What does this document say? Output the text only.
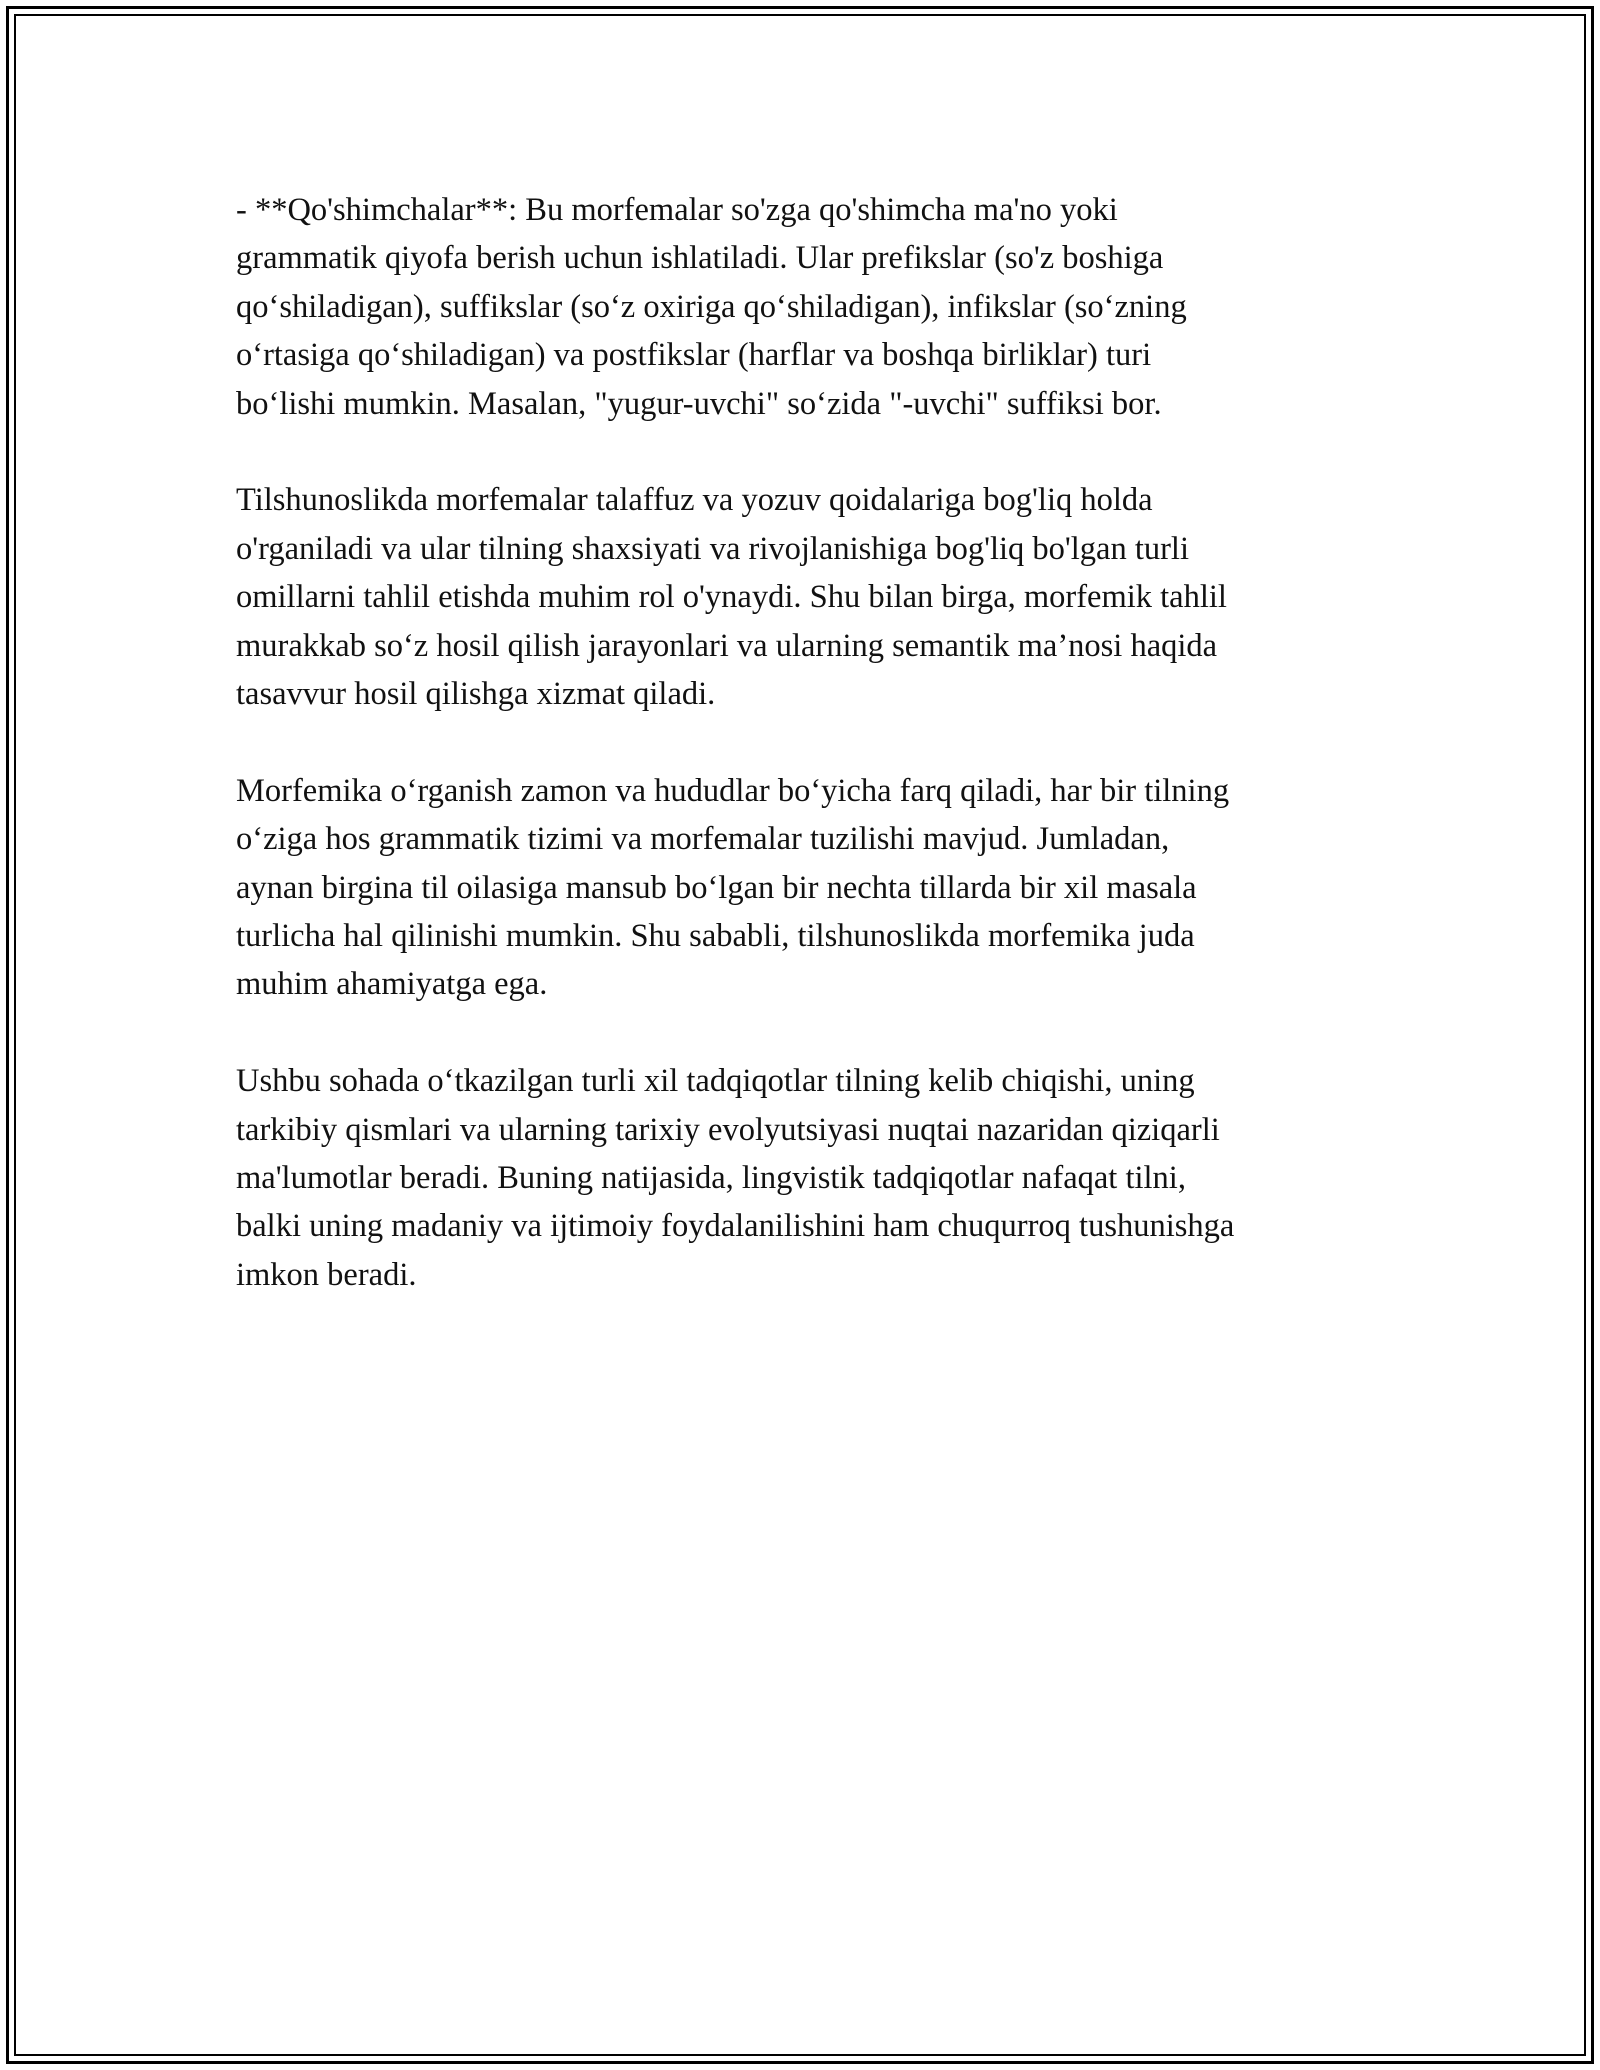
- **Qo'shimchalar**: Bu morfemalar so'zga qo'shimcha ma'no yoki
grammatik qiyofa berish uchun ishlatiladi. Ular prefikslar (so'z boshiga
qo‘shiladigan), suffikslar (so‘z oxiriga qo‘shiladigan), infikslar (so‘zning
o‘rtasiga qo‘shiladigan) va postfikslar (harflar va boshqa birliklar) turi
bo‘lishi mumkin. Masalan, "yugur-uvchi" so‘zida "-uvchi" suffiksi bor.

Tilshunoslikda morfemalar talaffuz va yozuv qoidalariga bog'liq holda
o'rganiladi va ular tilning shaxsiyati va rivojlanishiga bog'liq bo'lgan turli
omillarni tahlil etishda muhim rol o'ynaydi. Shu bilan birga, morfemik tahlil
murakkab so‘z hosil qilish jarayonlari va ularning semantik ma’nosi haqida
tasavvur hosil qilishga xizmat qiladi.

Morfemika o‘rganish zamon va hududlar bo‘yicha farq qiladi, har bir tilning
o‘ziga hos grammatik tizimi va morfemalar tuzilishi mavjud. Jumladan,
aynan birgina til oilasiga mansub bo‘lgan bir nechta tillarda bir xil masala
turlicha hal qilinishi mumkin. Shu sababli, tilshunoslikda morfemika juda
muhim ahamiyatga ega.

Ushbu sohada o‘tkazilgan turli xil tadqiqotlar tilning kelib chiqishi, uning
tarkibiy qismlari va ularning tarixiy evolyutsiyasi nuqtai nazaridan qiziqarli
ma'lumotlar beradi. Buning natijasida, lingvistik tadqiqotlar nafaqat tilni,
balki uning madaniy va ijtimoiy foydalanilishini ham chuqurroq tushunishga
imkon beradi.
